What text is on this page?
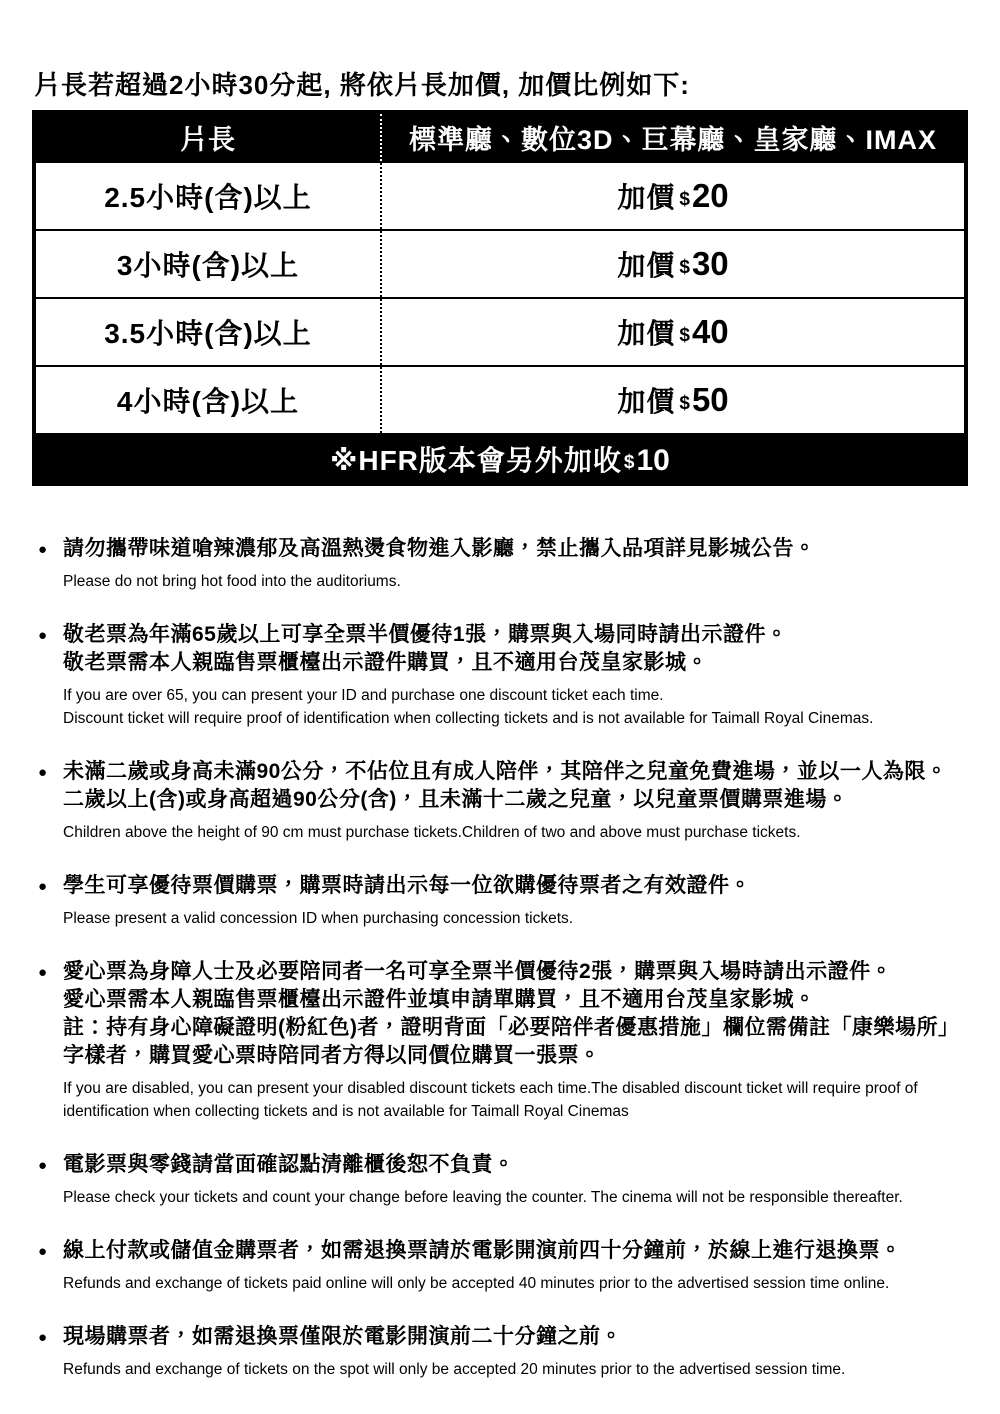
片長若超過2小時30分起, 將依片長加價, 加價比例如下:
片長	標準廳、數位3D、巨幕廳、皇家廳、IMAX
2.5小時(含)以上	加價 $20
3小時(含)以上	加價 $30
3.5小時(含)以上	加價 $40
4小時(含)以上	加價 $50
※HFR版本會另外加收 $10	
● 請勿攜帶味道嗆辣濃郁及高溫熱燙食物進入影廳，禁止攜入品項詳見影城公告。
Please do not bring hot food into the auditoriums.
● 敬老票為年滿65歲以上可享全票半價優待1張，購票與入場同時請出示證件。
敬老票需本人親臨售票櫃檯出示證件購買，且不適用台茂皇家影城。
If you are over 65, you can present your ID and purchase one discount ticket each time.
Discount ticket will require proof of identification when collecting tickets and is not available for Taimall Royal Cinemas.
● 未滿二歲或身高未滿90公分，不佔位且有成人陪伴，其陪伴之兒童免費進場，並以一人為限。
二歲以上(含)或身高超過90公分(含)，且未滿十二歲之兒童，以兒童票價購票進場。
Children above the height of 90 cm must purchase tickets.Children of two and above must purchase tickets.
● 學生可享優待票價購票，購票時請出示每一位欲購優待票者之有效證件。
Please present a valid concession ID when purchasing concession tickets.
● 愛心票為身障人士及必要陪同者一名可享全票半價優待2張，購票與入場時請出示證件。
愛心票需本人親臨售票櫃檯出示證件並填申請單購買，且不適用台茂皇家影城。
註：持有身心障礙證明(粉紅色)者，證明背面「必要陪伴者優惠措施」欄位需備註「康樂場所」
字樣者，購買愛心票時陪同者方得以同價位購買一張票。
If you are disabled, you can present your disabled discount tickets each time.The disabled discount ticket will require proof of
identification when collecting tickets and is not available for Taimall Royal Cinemas
● 電影票與零錢請當面確認點清離櫃後恕不負責。
Please check your tickets and count your change before leaving the counter. The cinema will not be responsible thereafter.
● 線上付款或儲值金購票者，如需退換票請於電影開演前四十分鐘前，於線上進行退換票。
Refunds and exchange of tickets paid online will only be accepted 40 minutes prior to the advertised session time online.
● 現場購票者，如需退換票僅限於電影開演前二十分鐘之前。
Refunds and exchange of tickets on the spot will only be accepted 20 minutes prior to the advertised session time.
